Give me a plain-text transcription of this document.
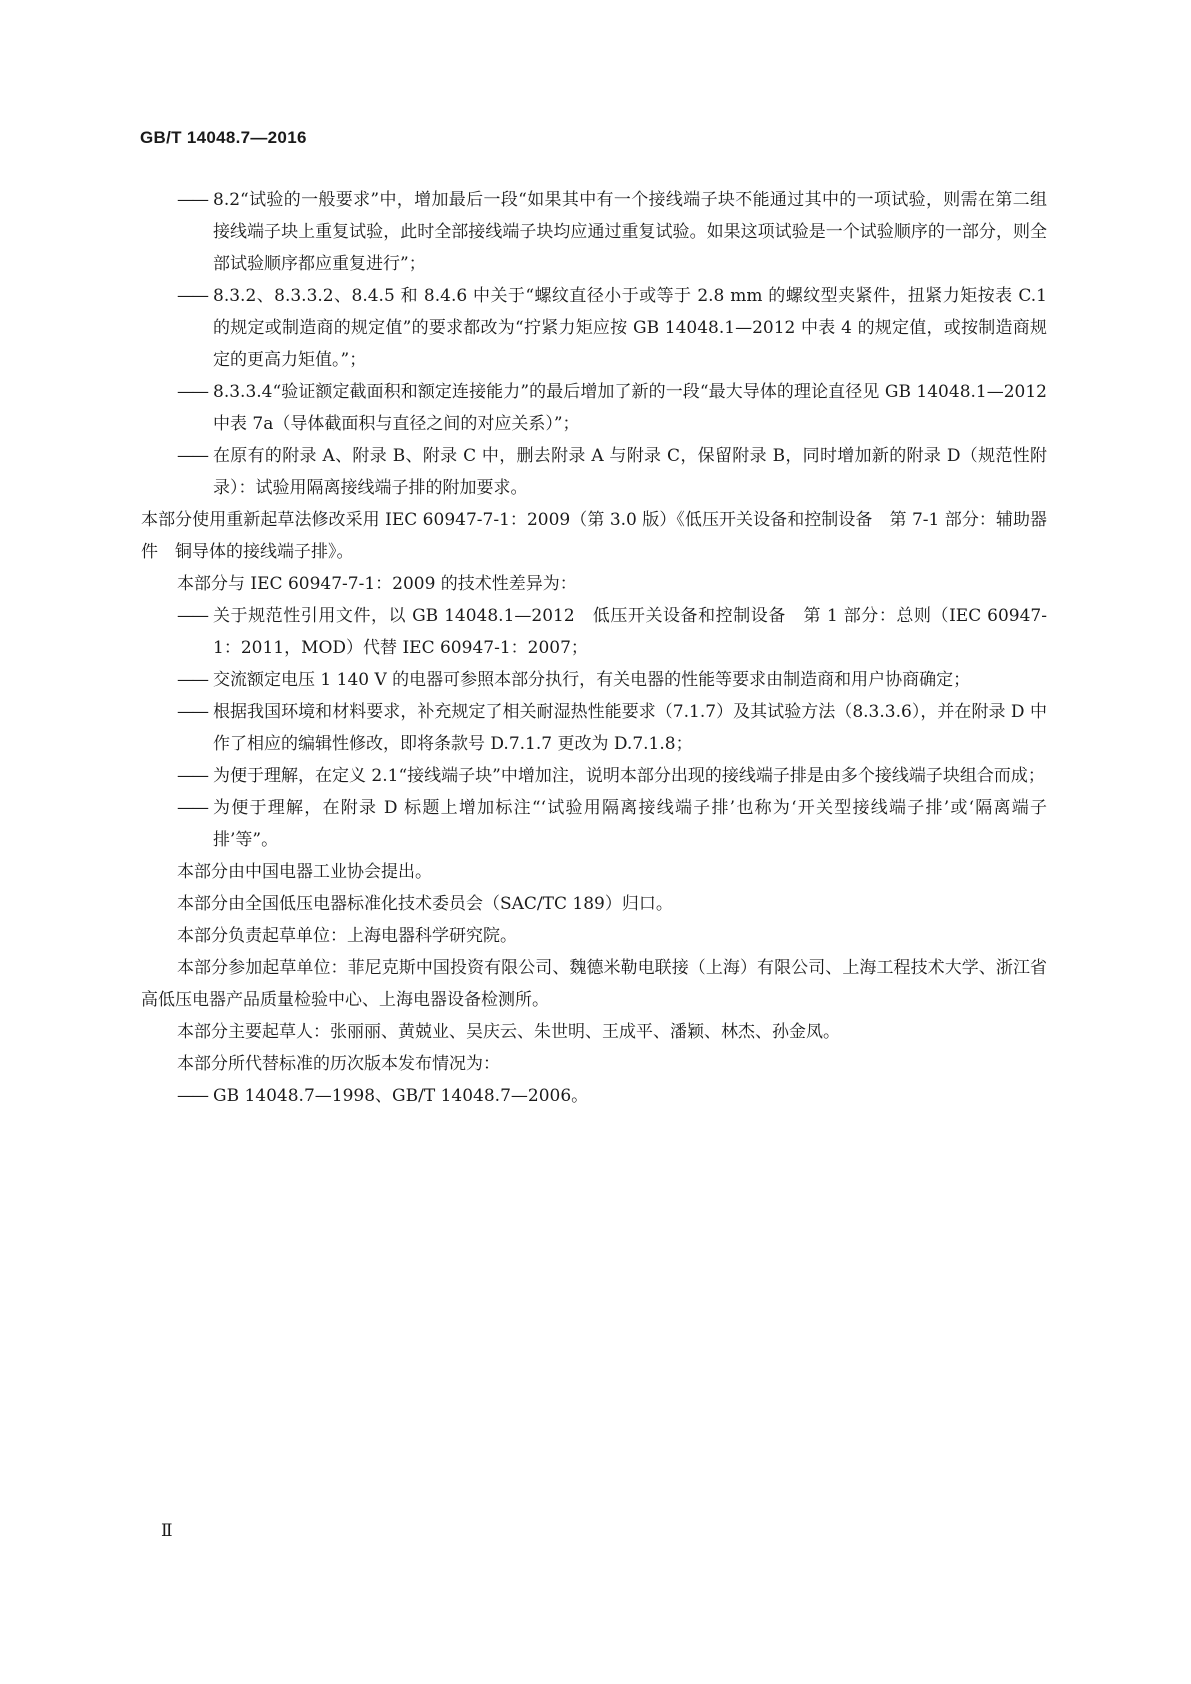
GB/T 14048.7—2016
—— 8.2“试验的一般要求”中，增加最后一段“如果其中有一个接线端子块不能通过其中的一项试验，则需在第二组接线端子块上重复试验，此时全部接线端子块均应通过重复试验。如果这项试验是一个试验顺序的一部分，则全部试验顺序都应重复进行”；
—— 8.3.2、8.3.3.2、8.4.5 和 8.4.6 中关于“螺纹直径小于或等于 2.8 mm 的螺纹型夹紧件，扭紧力矩按表 C.1 的规定或制造商的规定值”的要求都改为“拧紧力矩应按 GB 14048.1—2012 中表 4 的规定值，或按制造商规定的更高力矩值。”；
—— 8.3.3.4“验证额定截面积和额定连接能力”的最后增加了新的一段“最大导体的理论直径见 GB 14048.1—2012 中表 7a（导体截面积与直径之间的对应关系）”；
—— 在原有的附录 A、附录 B、附录 C 中，删去附录 A 与附录 C，保留附录 B，同时增加新的附录 D（规范性附录）：试验用隔离接线端子排的附加要求。
本部分使用重新起草法修改采用 IEC 60947-7-1：2009（第 3.0 版）《低压开关设备和控制设备　第 7-1 部分：辅助器件　铜导体的接线端子排》。
本部分与 IEC 60947-7-1：2009 的技术性差异为：
—— 关于规范性引用文件，以 GB 14048.1—2012　低压开关设备和控制设备　第 1 部分：总则（IEC 60947-1：2011，MOD）代替 IEC 60947-1：2007；
—— 交流额定电压 1 140 V 的电器可参照本部分执行，有关电器的性能等要求由制造商和用户协商确定；
—— 根据我国环境和材料要求，补充规定了相关耐湿热性能要求（7.1.7）及其试验方法（8.3.3.6），并在附录 D 中作了相应的编辑性修改，即将条款号 D.7.1.7 更改为 D.7.1.8；
—— 为便于理解，在定义 2.1“接线端子块”中增加注，说明本部分出现的接线端子排是由多个接线端子块组合而成；
—— 为便于理解，在附录 D 标题上增加标注“‘试验用隔离接线端子排’也称为‘开关型接线端子排’或‘隔离端子排’等”。
本部分由中国电器工业协会提出。
本部分由全国低压电器标准化技术委员会（SAC/TC 189）归口。
本部分负责起草单位：上海电器科学研究院。
本部分参加起草单位：菲尼克斯中国投资有限公司、魏德米勒电联接（上海）有限公司、上海工程技术大学、浙江省高低压电器产品质量检验中心、上海电器设备检测所。
本部分主要起草人：张丽丽、黄兢业、吴庆云、朱世明、王成平、潘颖、林杰、孙金凤。
本部分所代替标准的历次版本发布情况为：
—— GB 14048.7—1998、GB/T 14048.7—2006。
Ⅱ
